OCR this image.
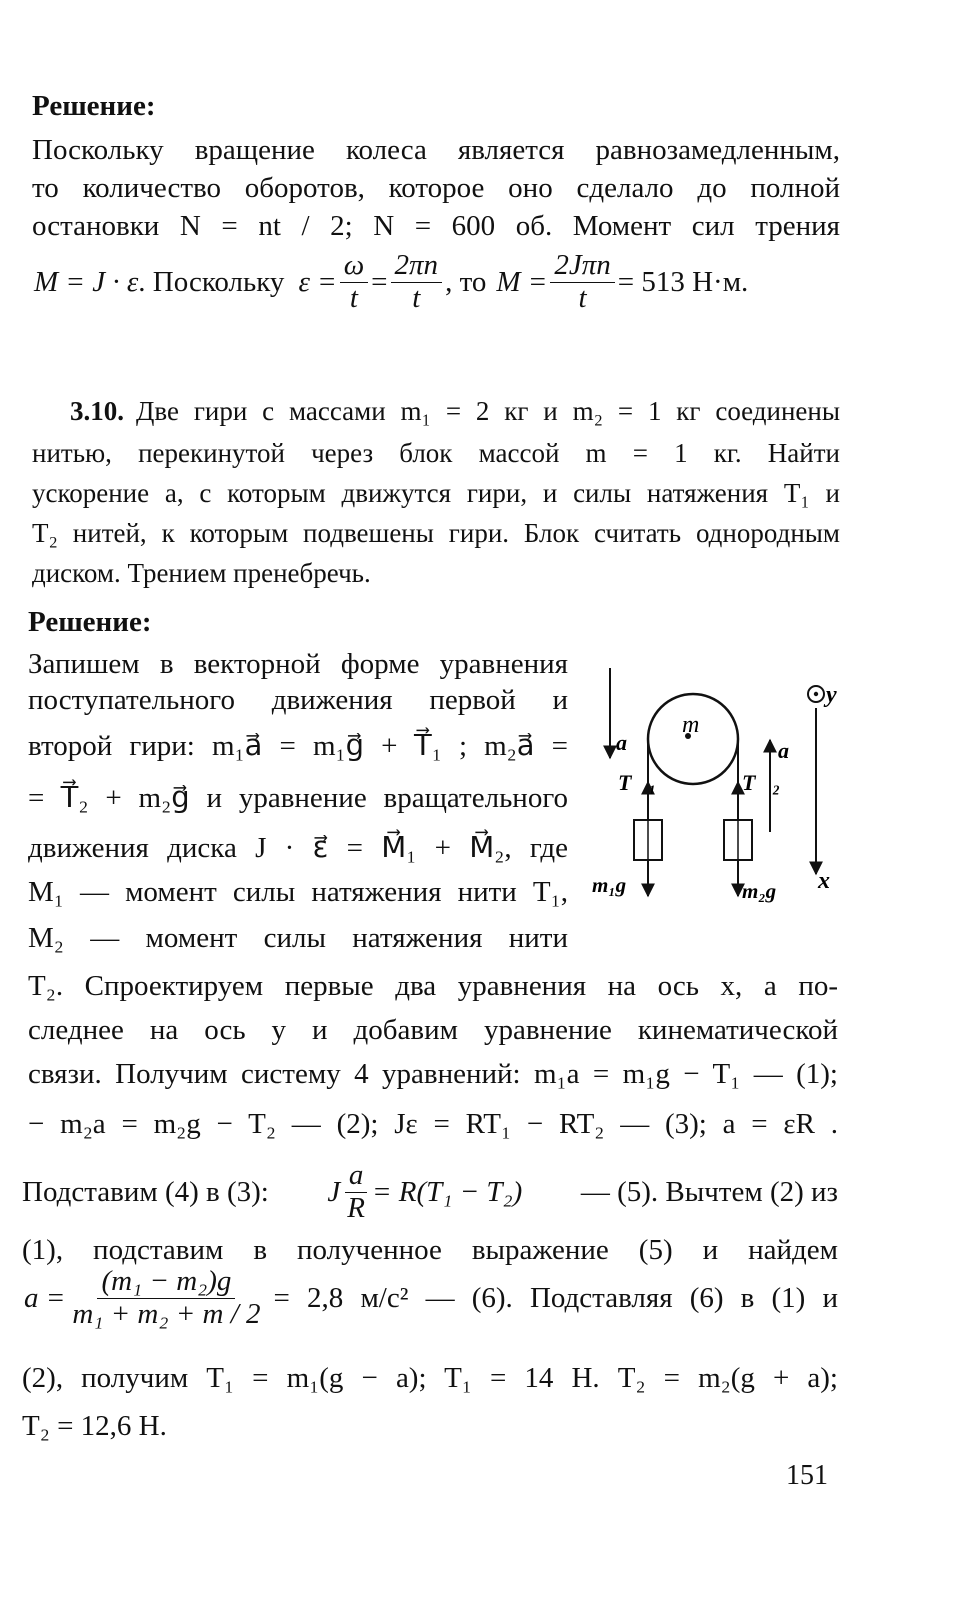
Решение:
Поскольку вращение колеса является равнозамедленным,
то количество оборотов, которое оно сделало до полной
остановки N = nt / 2; N = 600 об. Момент сил трения
M = J · ε . Поскольку $\varepsilon = \frac{\omega}{t} = \frac{2\pi n}{t}$ , то $M = \frac{\text{2Jπn}}{t} = 513$ Н·м.
3.10. Две гири с массами m₁ = 2 кг и m₂ = 1 кг соединены
нитью, перекинутой через блок массой m = 1 кг. Найти
ускорение a, с которым движутся гири, и силы натяжения T₁ и
T₂ нитей, к которым подвешены гири. Блок считать однородным
диском. Трением пренебречь.
Решение:
Запишем в векторной форме уравнения
поступательного движения первой и
второй гири: m₁a⃗ = m₁g⃗ + T⃗₁ ; m₂a⃗ =
= T⃗₂ + m₂g⃗ и уравнение вращательного
движения диска J · ε⃗ = M⃗₁ + M⃗₂, где
M₁ — момент силы натяжения нити T₁,
M₂ — момент силы натяжения нити
T₂. Спроектируем первые два уравнения на ось x, а по-
следнее на ось y и добавим уравнение кинематической
связи. Получим систему 4 уравнений: m₁a = m₁g − T₁ — (1);
− m₂a = m₂g − T₂ — (2); Jε = RT₁ − RT₂ — (3); a = εR .
Подставим (4) в (3): J $\frac{a}{R} = R(T_1 - T_2)$ — (5). Вычтем (2) из
(1), подставим в полученное выражение (5) и найдем
$a = \frac{\text{(m₁ − m₂)g}}{\text{m₁ + m₂ + m / 2}} = 2,8$ м/с² — (6). Подставляя (6) в (1) и
(2), получим T₁ = m₁(g − a); T₁ = 14 Н. T₂ = m₂(g + a);
T₂ = 12,6 Н.
m
a⃗
T⃗₁	T⃗₂
a⃗
m₁g⃗	m₂g⃗
y
x
151
